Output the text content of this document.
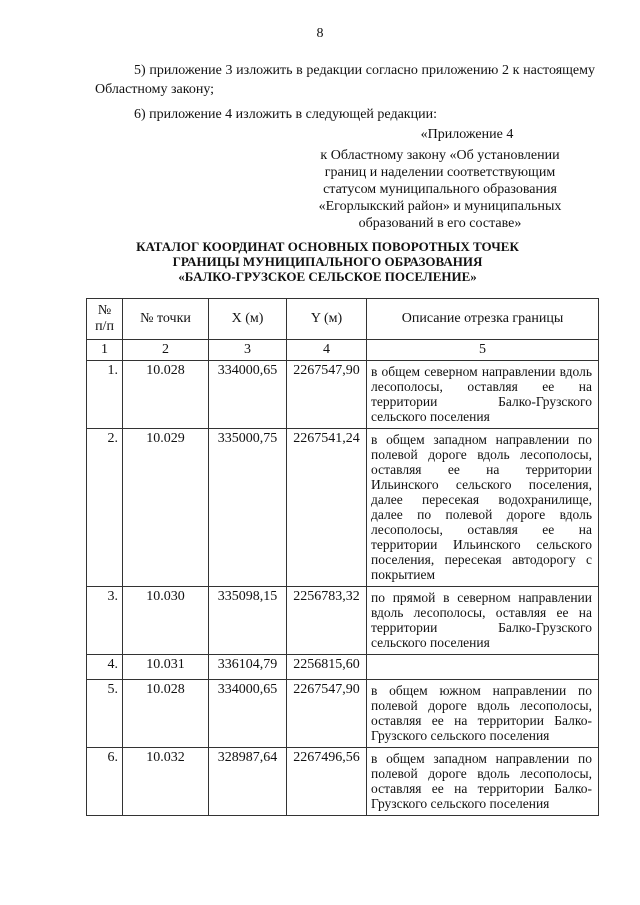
8
5) приложение 3 изложить в редакции согласно приложению 2 к настоящему Областному закону;
6) приложение 4 изложить в следующей редакции:
«Приложение 4
к Областному закону «Об установлении
границ и наделении соответствующим
статусом муниципального образования
«Егорлыкский район» и муниципальных
образований в его составе»
КАТАЛОГ КООРДИНАТ ОСНОВНЫХ ПОВОРОТНЫХ ТОЧЕК
ГРАНИЦЫ МУНИЦИПАЛЬНОГО ОБРАЗОВАНИЯ
«БАЛКО-ГРУЗСКОЕ СЕЛЬСКОЕ ПОСЕЛЕНИЕ»
№
п/п	№ точки	X (м)	Y (м)	Описание отрезка границы
1	2	3	4	5
1.	10.028	334000,65	2267547,90	в общем северном направлении вдоль лесополосы, оставляя ее на территории Балко-Грузского сельского поселения
2.	10.029	335000,75	2267541,24	в общем западном направлении по полевой дороге вдоль лесополосы, оставляя ее на территории Ильинского сельского поселения, далее пересекая водохранилище, далее по полевой дороге вдоль лесополосы, оставляя ее на территории Ильинского сельского поселения, пересекая автодорогу с покрытием
3.	10.030	335098,15	2256783,32	по прямой в северном направлении вдоль лесополосы, оставляя ее на территории Балко-Грузского сельского поселения
4.	10.031	336104,79	2256815,60	
5.	10.028	334000,65	2267547,90	в общем южном направлении по полевой дороге вдоль лесополосы, оставляя ее на территории Балко-Грузского сельского поселения
6.	10.032	328987,64	2267496,56	в общем западном направлении по полевой дороге вдоль лесополосы, оставляя ее на территории Балко-Грузского сельского поселения
